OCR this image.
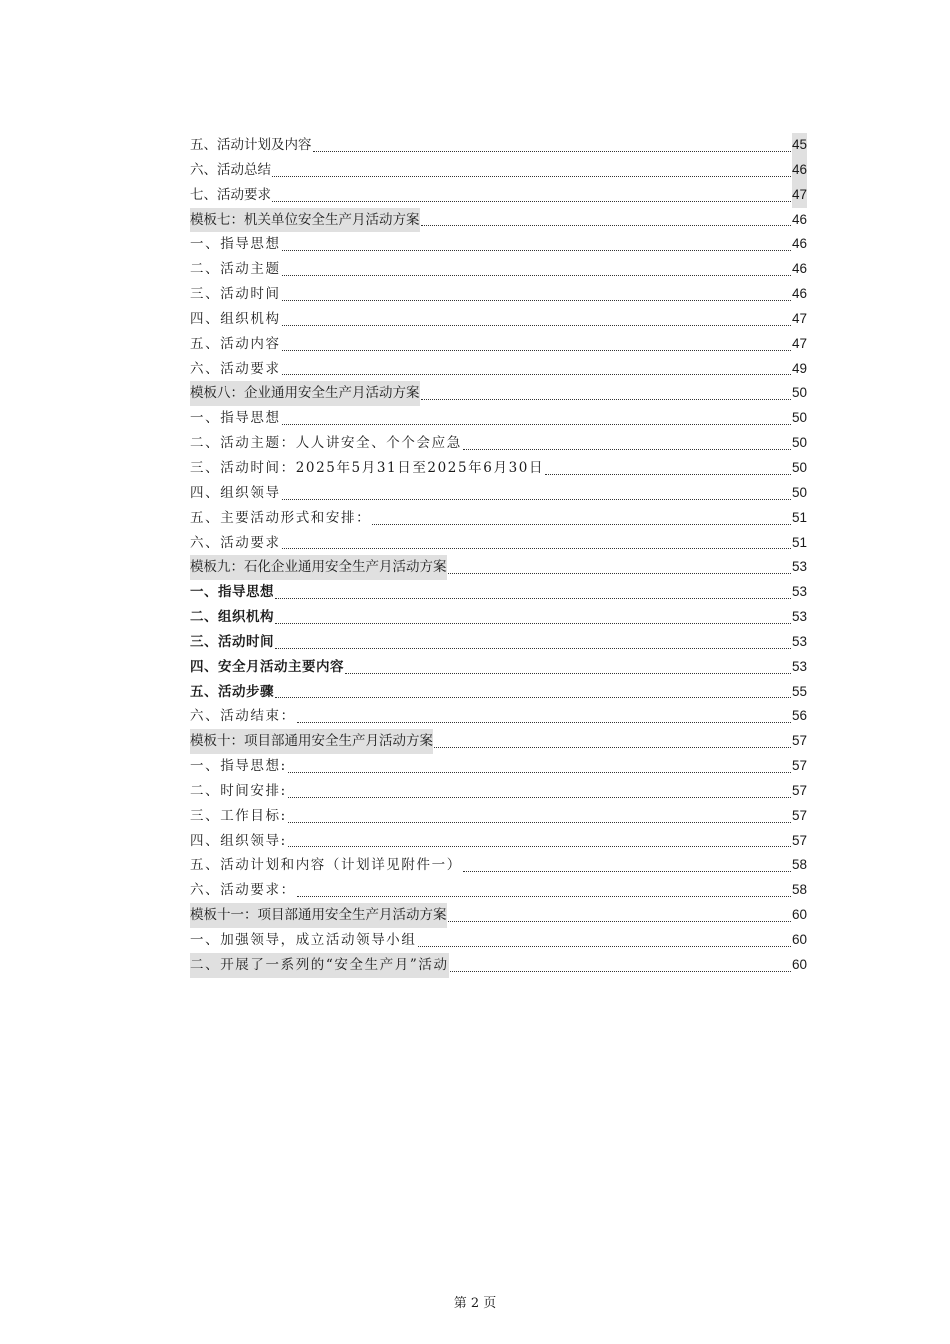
五、活动计划及内容	45
六、活动总结	46
七、活动要求	47
模板七：机关单位安全生产月活动方案	46
一、指导思想	46
二、活动主题	46
三、活动时间	46
四、组织机构	47
五、活动内容	47
六、活动要求	49
模板八：企业通用安全生产月活动方案	50
一、指导思想	50
二、活动主题：人人讲安全、个个会应急	50
三、活动时间：2025年5月31日至2025年6月30日	50
四、组织领导	50
五、主要活动形式和安排：	51
六、活动要求	51
模板九：石化企业通用安全生产月活动方案	53
一、指导思想	53
二、组织机构	53
三、活动时间	53
四、安全月活动主要内容	53
五、活动步骤	55
六、活动结束：	56
模板十：项目部通用安全生产月活动方案	57
一、指导思想:	57
二、时间安排:	57
三、工作目标:	57
四、组织领导:	57
五、活动计划和内容（计划详见附件一）	58
六、活动要求：	58
模板十一：项目部通用安全生产月活动方案	60
一、加强领导，成立活动领导小组	60
二、开展了一系列的“安全生产月”活动	60
第 2 页
